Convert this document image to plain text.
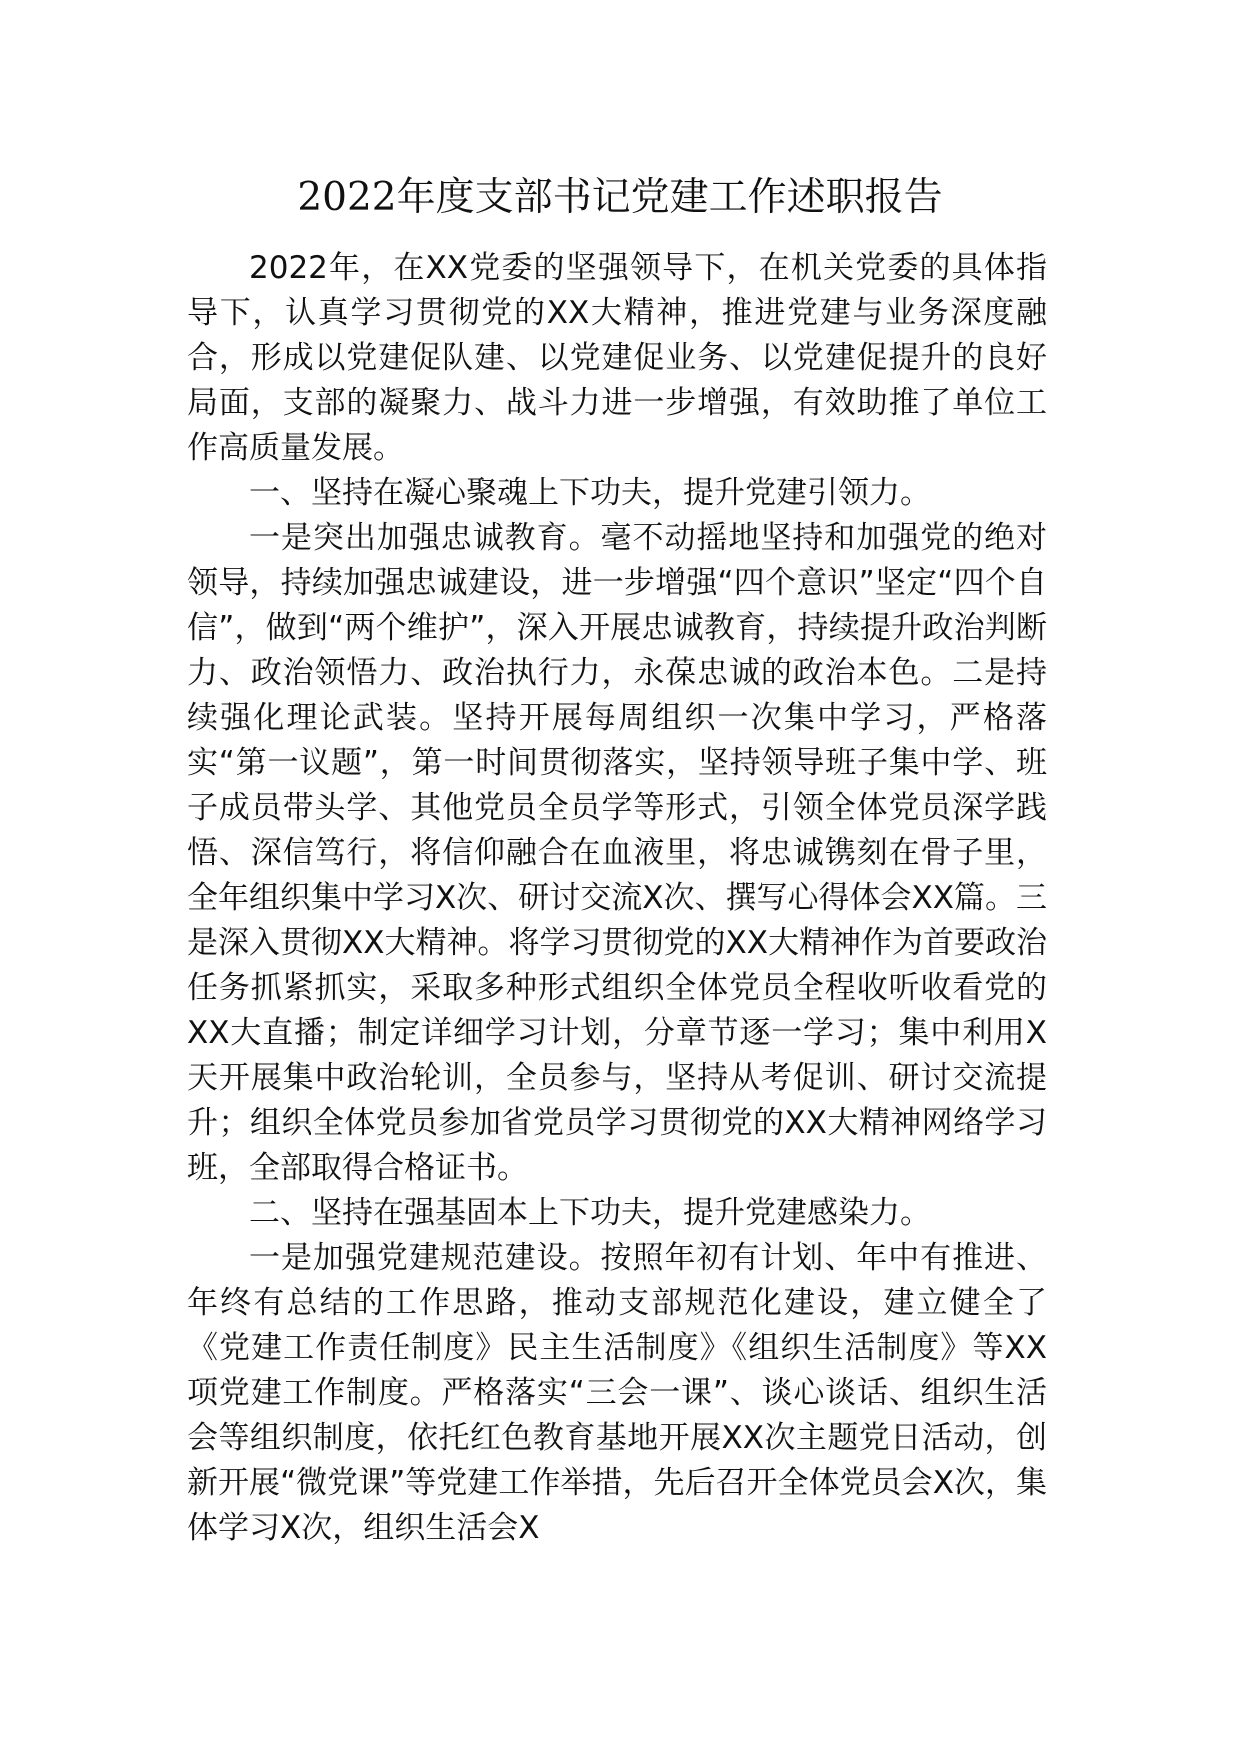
2022年度支部书记党建工作述职报告

2022年，在XX党委的坚强领导下，在机关党委的具体指导下，认真学习贯彻党的XX大精神，推进党建与业务深度融合，形成以党建促队建、以党建促业务、以党建促提升的良好局面，支部的凝聚力、战斗力进一步增强，有效助推了单位工作高质量发展。

一、坚持在凝心聚魂上下功夫，提升党建引领力。

一是突出加强忠诚教育。毫不动摇地坚持和加强党的绝对领导，持续加强忠诚建设，进一步增强“四个意识”坚定“四个自信”，做到“两个维护”，深入开展忠诚教育，持续提升政治判断力、政治领悟力、政治执行力，永葆忠诚的政治本色。二是持续强化理论武装。坚持开展每周组织一次集中学习，严格落实“第一议题”，第一时间贯彻落实，坚持领导班子集中学、班子成员带头学、其他党员全员学等形式，引领全体党员深学践悟、深信笃行，将信仰融合在血液里，将忠诚镌刻在骨子里，全年组织集中学习X次、研讨交流X次、撰写心得体会XX篇。三是深入贯彻XX大精神。将学习贯彻党的XX大精神作为首要政治任务抓紧抓实，采取多种形式组织全体党员全程收听收看党的XX大直播；制定详细学习计划，分章节逐一学习；集中利用X天开展集中政治轮训，全员参与，坚持从考促训、研讨交流提升；组织全体党员参加省党员学习贯彻党的XX大精神网络学习班，全部取得合格证书。

二、坚持在强基固本上下功夫，提升党建感染力。

一是加强党建规范建设。按照年初有计划、年中有推进、年终有总结的工作思路，推动支部规范化建设，建立健全了《党建工作责任制度》民主生活制度》《组织生活制度》等XX项党建工作制度。严格落实“三会一课”、谈心谈话、组织生活会等组织制度，依托红色教育基地开展XX次主题党日活动，创新开展“微党课”等党建工作举措，先后召开全体党员会X次，集体学习X次，组织生活会X
